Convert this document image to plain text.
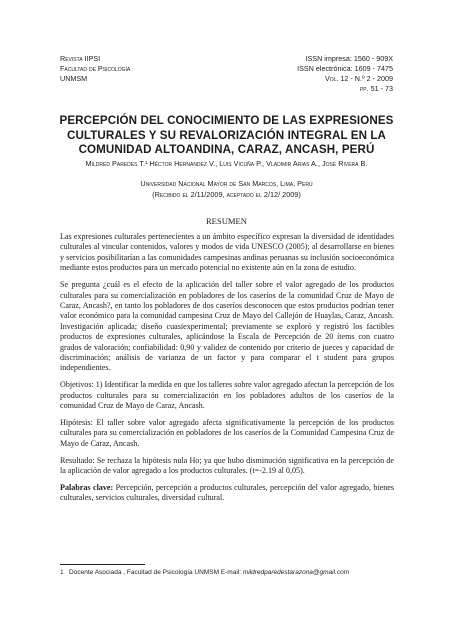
Revista IIPSI
Facultad de Psicología
UNMSM
ISSN impresa: 1560 - 909X
ISSN electrónica: 1609 - 7475
Vol. 12 - N.º 2 - 2009
pp. 51 - 73
PERCEPCIÓN DEL CONOCIMIENTO DE LAS EXPRESIONES
CULTURALES Y SU REVALORIZACIÓN INTEGRAL EN LA
COMUNIDAD ALTOANDINA, CARAZ, ANCASH, PERÚ
Mildred Paredes T.¹ Héctor Hernández V., Luis Vicuña P., Vladimir Arias A., José Rivera B.
Universidad Nacional Mayor de San Marcos, Lima, Perú
(Recibido el 2/11/2009, aceptado el 2/12/ 2009)
RESUMEN

Las expresiones culturales pertenecientes a un ámbito específico expresan la diversidad de identidades culturales al vincular contenidos, valores y modos de vida UNESCO (2005); al desarrollarse en bienes y servicios posibilitarían a las comunidades campesinas andinas peruanas su inclusión socioeconómica mediante estos productos para un mercado potencial no existente aún en la zona de estudio.

Se pregunta ¿cuál es el efecto de la aplicación del taller sobre el valor agregado de los productos culturales para su comercialización en pobladores de los caseríos de la comunidad Cruz de Mayo de Caraz, Ancash?, en tanto los pobladores de dos caseríos desconocen que estos productos podrían tener valor económico para la comunidad campesina Cruz de Mayo del Callejón de Huaylas, Caraz, Ancash. Investigación aplicada; diseño cuasiexperimental; previamente se exploró y registró los factibles productos de expresiones culturales, aplicándose la Escala de Percepción de 20 ítems con cuatro grados de valoración; confiabilidad: 0,90 y validez de contenido por criterio de jueces y capacidad de discriminación; análisis de varianza de un factor y para comparar el t student para grupos independientes.

Objetivos: 1) Identificar la medida en que los talleres sobre valor agregado afectan la percepción de los productos culturales para su comercialización en los pobladores adultos de los caseríos de la comunidad Cruz de Mayo de Caraz, Ancash.

Hipótesis: El taller sobre valor agregado afecta significativamente la percepción de los productos culturales para su comercialización en pobladores de los caseríos de la Comunidad Campesina Cruz de Mayo de Caraz, Ancash.

Resultado: Se rechaza la hipótesis nula Ho; ya que hubo disminución significativa en la percepción de la aplicación de valor agregado a los productos culturales. (t=-2.19 al 0,05).

Palabras clave: Percepción, percepción a productos culturales, percepción del valor agregado, bienes culturales, servicios culturales, diversidad cultural.

1 Docente Asociada , Facultad de Psicología UNMSM E-mail: mildredparedestarazona@gmail.com
